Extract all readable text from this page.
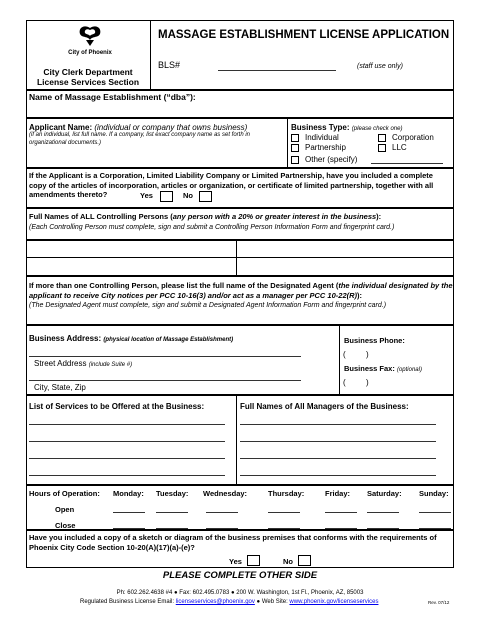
City of Phoenix
City Clerk Department
License Services Section
MASSAGE ESTABLISHMENT LICENSE APPLICATION
BLS#	(staff use only)
Name of Massage Establishment (“dba”):
Applicant Name: (individual or company that owns business)
(if an individual, list full name. If a company, list exact company name as set forth in organizational documents.)
Business Type: (please check one)
Individual	Corporation
Partnership	LLC
Other (specify)
If the Applicant is a Corporation, Limited Liability Company or Limited Partnership, have you included a complete copy of the articles of incorporation, articles or organization, or certificate of limited partnership, together with all amendments thereto?	Yes	No
Full Names of ALL Controlling Persons (any person with a 20% or greater interest in the business):
(Each Controlling Person must complete, sign and submit a Controlling Person Information Form and fingerprint card.)
If more than one Controlling Person, please list the full name of the Designated Agent (the individual designated by the applicant to receive City notices per PCC 10-16(3) and/or act as a manager per PCC 10-22(R)):
(The Designated Agent must complete, sign and submit a Designated Agent Information Form and fingerprint card.)
Business Address: (physical location of Massage Establishment)
Street Address (include Suite #)
City, State, Zip
Business Phone:
(	)
Business Fax: (optional)
(	)
List of Services to be Offered at the Business:	Full Names of All Managers of the Business:
Hours of Operation: Monday: Tuesday: Wednesday:	Thursday:	Friday: Saturday: Sunday:
Open
Close
Have you included a copy of a sketch or diagram of the business premises that conforms with the requirements of Phoenix City Code Section 10-20(A)(17)(a)-(e)?
Yes	No
PLEASE COMPLETE OTHER SIDE
Ph: 602.262.4638 #4 ● Fax: 602.495.0783 ● 200 W. Washington, 1st Fl., Phoenix, AZ, 85003
Regulated Business License Email: licenseservices@phoenix.gov ● Web Site: www.phoenix.gov/licenseservices	Rev. 07/12
